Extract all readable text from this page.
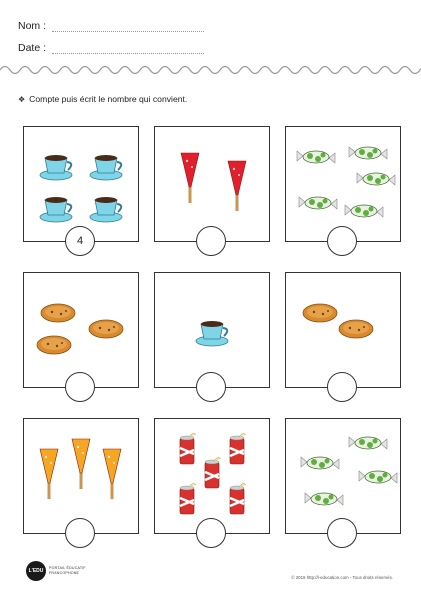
Nom :
Date :
❖ Compte puis écrit le nombre qui convient.
4
L'EDU	PORTAIL ÉDUCATIF
FRANCOPHONE
© 2019 http://l-education.com - Tous droits réservés.
